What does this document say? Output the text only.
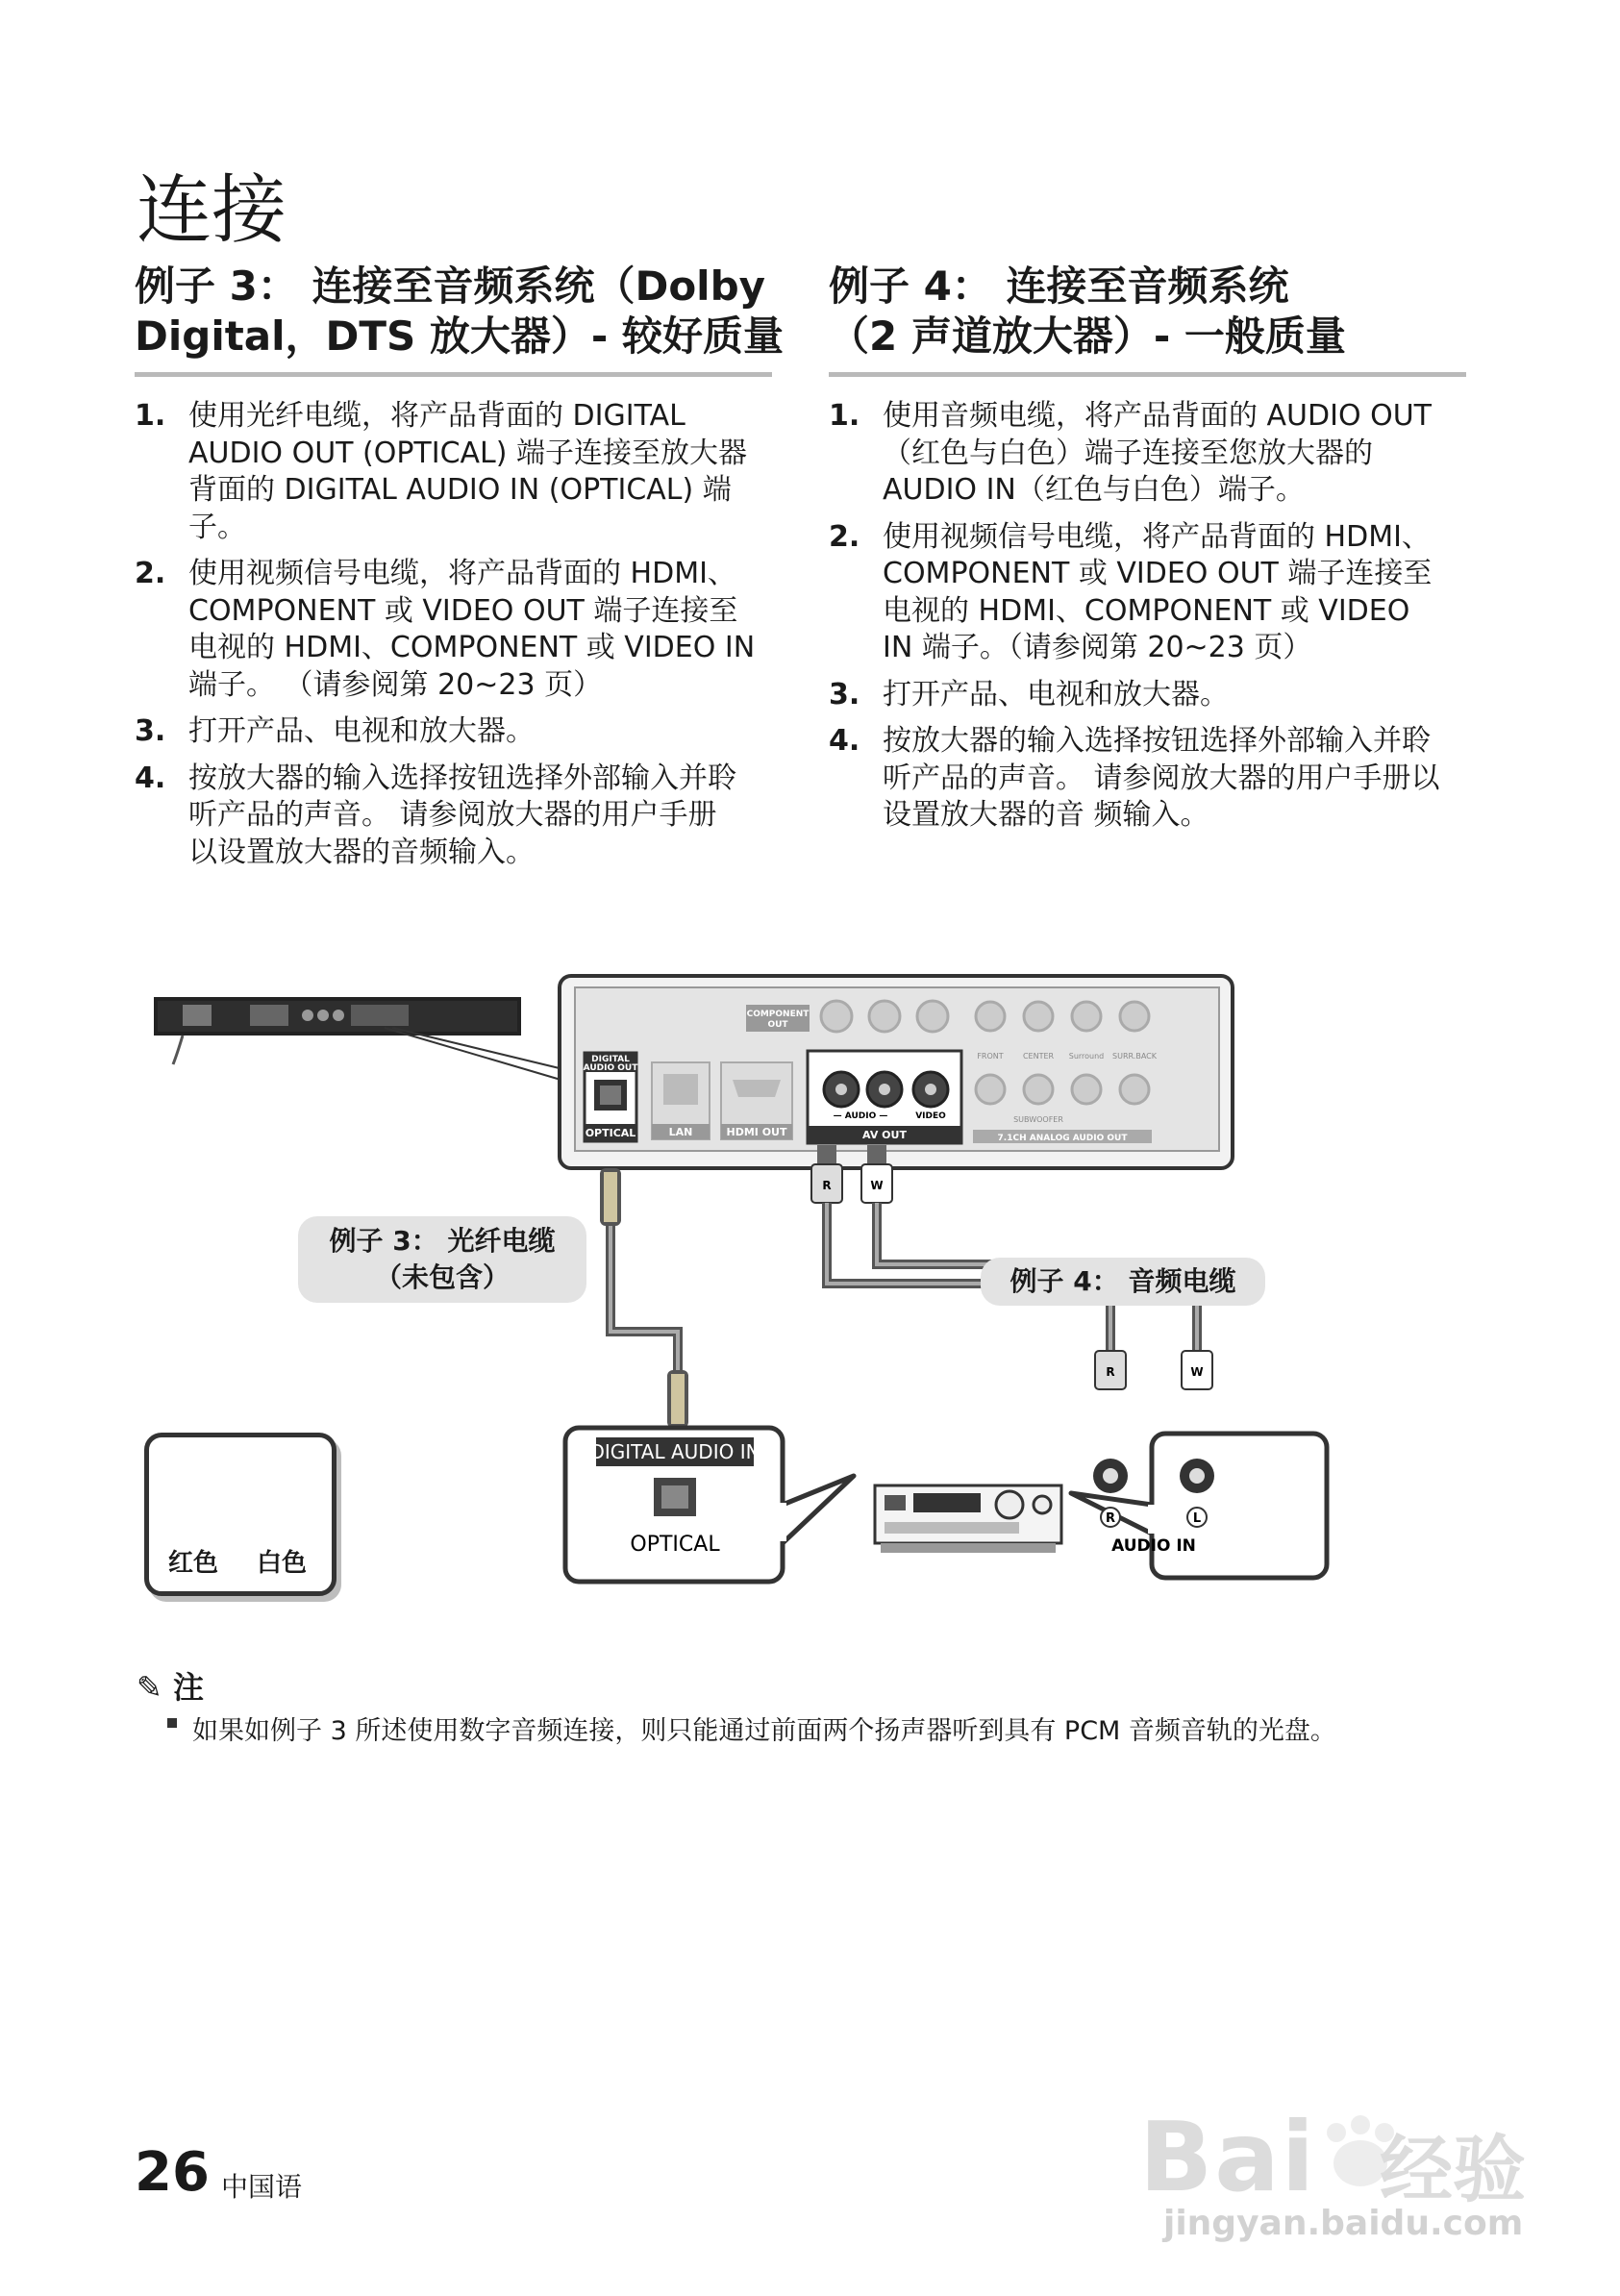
连接
例子 3： 连接至音频系统（Dolby
Digital，DTS 放大器）- 较好质量
例子 4： 连接至音频系统
（2 声道放大器）- 一般质量
1. 使用光纤电缆，将产品背面的 DIGITAL
AUDIO OUT (OPTICAL) 端子连接至放大器
背面的 DIGITAL AUDIO IN (OPTICAL) 端
子。
2. 使用视频信号电缆，将产品背面的 HDMI、
COMPONENT 或 VIDEO OUT 端子连接至
电视的 HDMI、COMPONENT 或 VIDEO IN
端子。 （请参阅第 20~23 页）
3. 打开产品、电视和放大器。
4. 按放大器的输入选择按钮选择外部输入并聆
听产品的声音。 请参阅放大器的用户手册
以设置放大器的音频输入。
1. 使用音频电缆，将产品背面的 AUDIO OUT
（红色与白色）端子连接至您放大器的
AUDIO IN（红色与白色）端子。
2. 使用视频信号电缆，将产品背面的 HDMI、
COMPONENT 或 VIDEO OUT 端子连接至
电视的 HDMI、COMPONENT 或 VIDEO
IN 端子。（请参阅第 20~23 页）
3. 打开产品、电视和放大器。
4. 按放大器的输入选择按钮选择外部输入并聆
听产品的声音。 请参阅放大器的用户手册以
设置放大器的音 频输入。
DIGITAL
AUDIO OUT
OPTICAL	LAN	HDMI OUT
COMPONENT
OUT
— AUDIO —	VIDEO
AV OUT
FRONT	CENTER Surround SURR.BACK
SUBWOOFER
7.1CH ANALOG AUDIO OUT
R	W
R	W
DIGITAL AUDIO IN
OPTICAL
R	L
AUDIO IN
例子 3： 光纤电缆
（未包含）	例子 4： 音频电缆
红色 白色
✎ 注
如果如例子 3 所述使用数字音频连接，则只能通过前面两个扬声器听到具有 PCM 音频音轨的光盘。
26 中国语	Bai 经验
jingyan.baidu.com
